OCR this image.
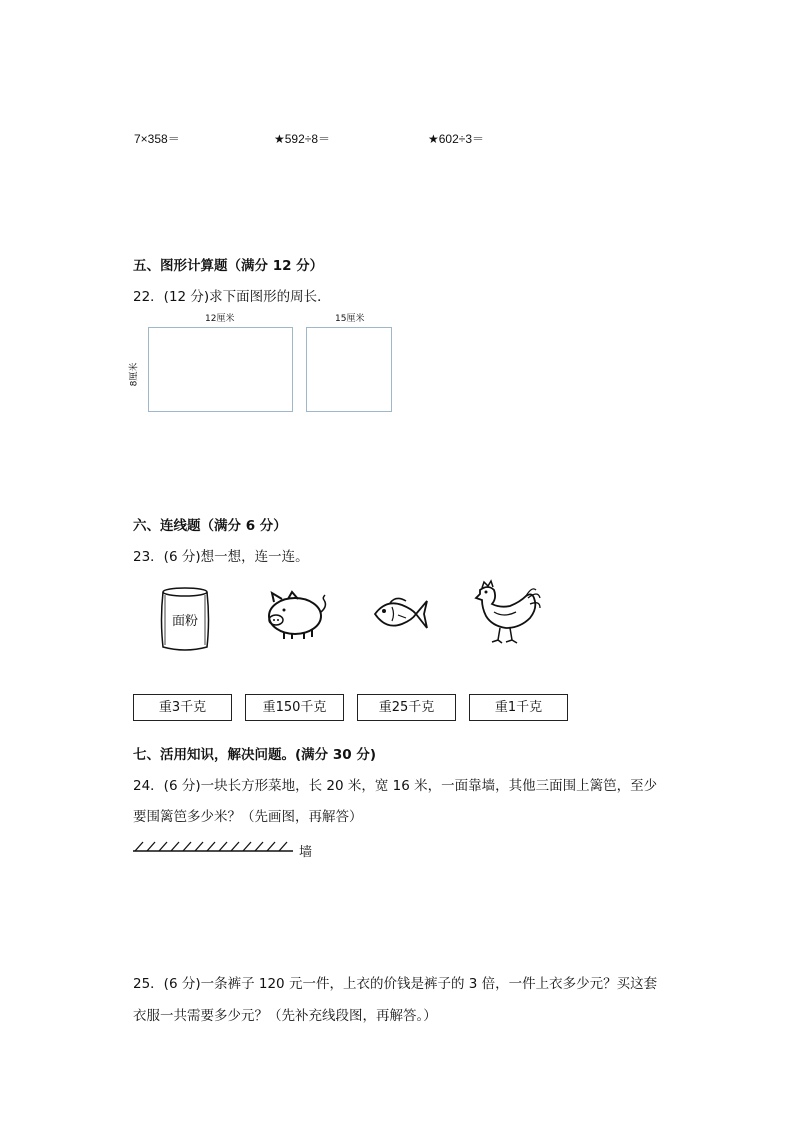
7×358＝	★592÷8＝	★602÷3＝
五、图形计算题（满分 12 分）
22．(12 分)求下面图形的周长．
12厘米	15厘米
8厘米
六、连线题（满分 6 分）
23．(6 分)想一想，连一连。
面粉
重3千克	重150千克	重25千克	重1千克
七、活用知识，解决问题。(满分 30 分)
24．(6 分)一块长方形菜地，长 20 米，宽 16 米，一面靠墙，其他三面围上篱笆，至少
要围篱笆多少米？（先画图，再解答）
墙
25．(6 分)一条裤子 120 元一件，上衣的价钱是裤子的 3 倍，一件上衣多少元？买这套
衣服一共需要多少元？（先补充线段图，再解答。）
